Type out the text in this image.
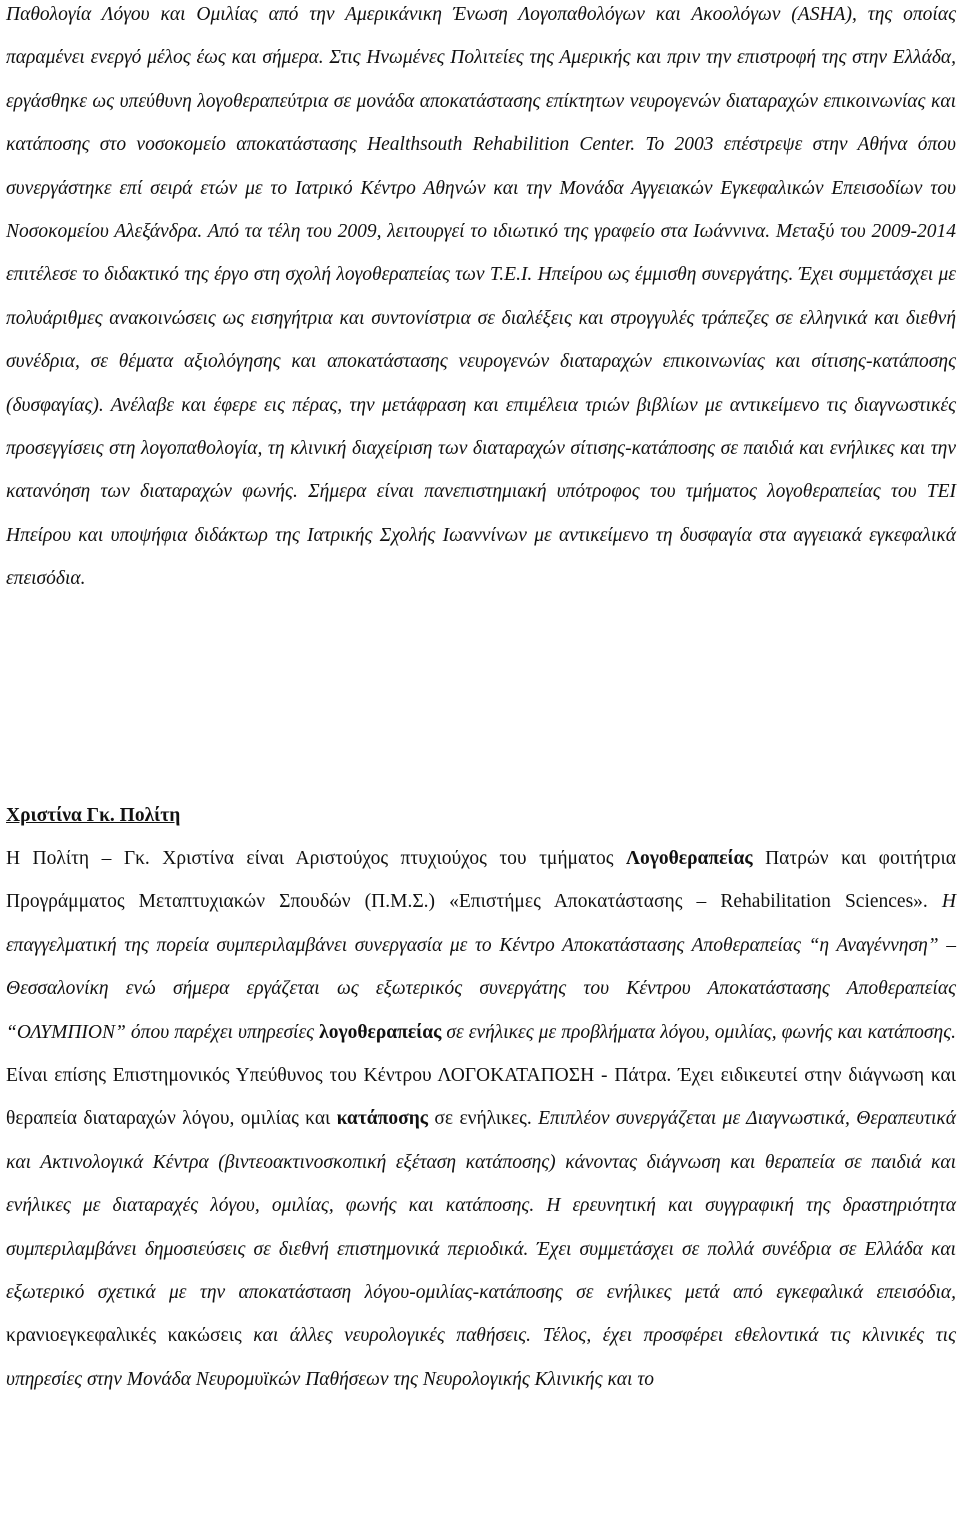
Παθολογία Λόγου και Ομιλίας από την Αμερικάνικη Ένωση Λογοπαθολόγων και Ακοολόγων (ASHA), της οποίας παραμένει ενεργό μέλος έως και σήμερα. Στις Ηνωμένες Πολιτείες της Αμερικής και πριν την επιστροφή της στην Ελλάδα, εργάσθηκε ως υπεύθυνη λογοθεραπεύτρια σε μονάδα αποκατάστασης επίκτητων νευρογενών διαταραχών επικοινωνίας και κατάποσης στο νοσοκομείο αποκατάστασης Healthsouth Rehabilition Center. Το 2003 επέστρεψε στην Αθήνα όπου συνεργάστηκε επί σειρά ετών με το Ιατρικό Κέντρο Αθηνών και την Μονάδα Αγγειακών Εγκεφαλικών Επεισοδίων του Νοσοκομείου Αλεξάνδρα. Από τα τέλη του 2009, λειτουργεί το ιδιωτικό της γραφείο στα Ιωάννινα. Μεταξύ του 2009-2014 επιτέλεσε το διδακτικό της έργο στη σχολή λογοθεραπείας των Τ.Ε.Ι. Ηπείρου ως έμμισθη συνεργάτης. Έχει συμμετάσχει με πολυάριθμες ανακοινώσεις ως εισηγήτρια και συντονίστρια σε διαλέξεις και στρογγυλές τράπεζες σε ελληνικά και διεθνή συνέδρια, σε θέματα αξιολόγησης και αποκατάστασης νευρογενών διαταραχών επικοινωνίας και σίτισης-κατάποσης (δυσφαγίας). Ανέλαβε και έφερε εις πέρας, την μετάφραση και επιμέλεια τριών βιβλίων με αντικείμενο τις διαγνωστικές προσεγγίσεις στη λογοπαθολογία, τη κλινική διαχείριση των διαταραχών σίτισης-κατάποσης σε παιδιά και ενήλικες και την κατανόηση των διαταραχών φωνής. Σήμερα είναι πανεπιστημιακή υπότροφος του τμήματος λογοθεραπείας του ΤΕΙ Ηπείρου και υποψήφια διδάκτωρ της Ιατρικής Σχολής Ιωαννίνων με αντικείμενο τη δυσφαγία στα αγγειακά εγκεφαλικά επεισόδια.

Χριστίνα Γκ. Πολίτη

Η Πολίτη – Γκ. Χριστίνα είναι Αριστούχος πτυχιούχος του τμήματος Λογοθεραπείας Πατρών και φοιτήτρια Προγράμματος Μεταπτυχιακών Σπουδών (Π.Μ.Σ.) «Επιστήμες Αποκατάστασης – Rehabilitation Sciences». Η επαγγελματική της πορεία συμπεριλαμβάνει συνεργασία με το Κέντρο Αποκατάστασης Αποθεραπείας “η Αναγέννηση” – Θεσσαλονίκη ενώ σήμερα εργάζεται ως εξωτερικός συνεργάτης του Κέντρου Αποκατάστασης Αποθεραπείας “ΟΛΥΜΠΙΟΝ” όπου παρέχει υπηρεσίες λογοθεραπείας σε ενήλικες με προβλήματα λόγου, ομιλίας, φωνής και κατάποσης. Είναι επίσης Επιστημονικός Υπεύθυνος του Κέντρου ΛΟΓΟΚΑΤΑΠΟΣΗ - Πάτρα. Έχει ειδικευτεί στην διάγνωση και θεραπεία διαταραχών λόγου, ομιλίας και κατάποσης σε ενήλικες. Επιπλέον συνεργάζεται με Διαγνωστικά, Θεραπευτικά και Ακτινολογικά Κέντρα (βιντεοακτινοσκοπική εξέταση κατάποσης) κάνοντας διάγνωση και θεραπεία σε παιδιά και ενήλικες με διαταραχές λόγου, ομιλίας, φωνής και κατάποσης. Η ερευνητική και συγγραφική της δραστηριότητα συμπεριλαμβάνει δημοσιεύσεις σε διεθνή επιστημονικά περιοδικά. Έχει συμμετάσχει σε πολλά συνέδρια σε Ελλάδα και εξωτερικό σχετικά με την αποκατάσταση λόγου-ομιλίας-κατάποσης σε ενήλικες μετά από εγκεφαλικά επεισόδια, κρανιοεγκεφαλικές κακώσεις και άλλες νευρολογικές παθήσεις. Τέλος, έχει προσφέρει εθελοντικά τις κλινικές τις υπηρεσίες στην Μονάδα Νευρομυϊκών Παθήσεων της Νευρολογικής Κλινικής και το
